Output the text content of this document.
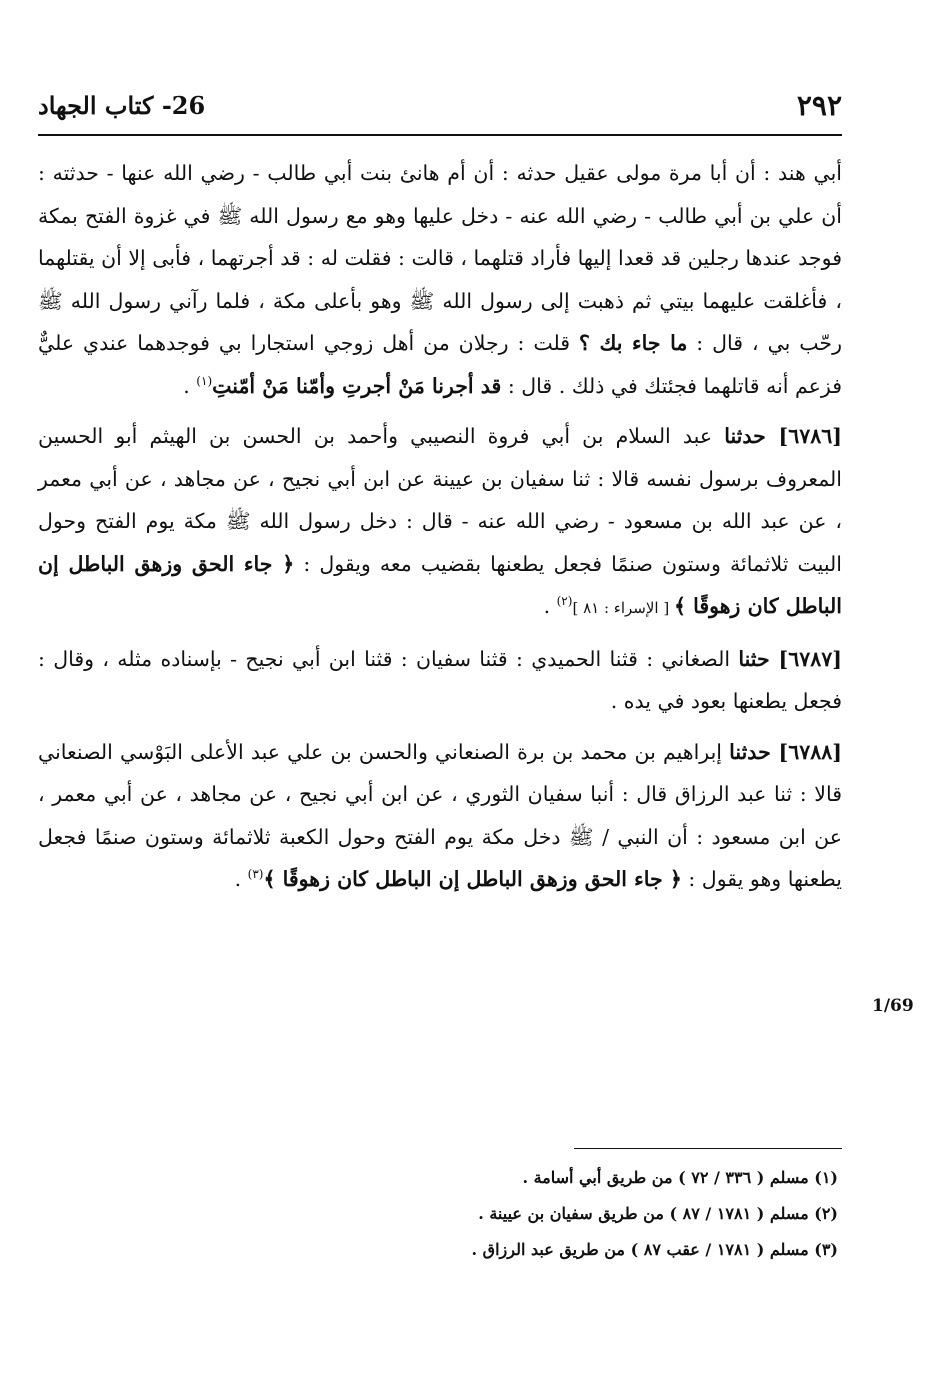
٢٩٢
26- كتاب الجهاد

أبي هند : أن أبا مرة مولى عقيل حدثه : أن أم هانئ بنت أبي طالب - رضي الله عنها - حدثته : أن علي بن أبي طالب - رضي الله عنه - دخل عليها وهو مع رسول الله ﷺ في غزوة الفتح بمكة فوجد عندها رجلين قد قعدا إليها فأراد قتلهما ، قالت : فقلت له : قد أجرتهما ، فأبى إلا أن يقتلهما ، فأغلقت عليهما بيتي ثم ذهبت إلى رسول الله ﷺ وهو بأعلى مكة ، فلما رآني رسول الله ﷺ رحّب بي ، قال : ما جاء بك ؟ قلت : رجلان من أهل زوجي استجارا بي فوجدهما عندي عليٌّ فزعم أنه قاتلهما فجئتك في ذلك . قال : قد أجرنا مَنْ أجرتِ وأمّنا مَنْ أمّنتِ$^{(١)}$ .

[٦٧٨٦] حدثنا عبد السلام بن أبي فروة النصيبي وأحمد بن الحسن بن الهيثم أبو الحسين المعروف برسول نفسه قالا : ثنا سفيان بن عيينة عن ابن أبي نجيح ، عن مجاهد ، عن أبي معمر ، عن عبد الله بن مسعود - رضي الله عنه - قال : دخل رسول الله ﷺ مكة يوم الفتح وحول البيت ثلاثمائة وستون صنمًا فجعل يطعنها بقضيب معه ويقول : ﴿ جاء الحق وزهق الباطل إن الباطل كان زهوقًا ﴾ [ الإسراء : ٨١ ]$^{(٢)}$ .

[٦٧٨٧] حثنا الصغاني : قثنا الحميدي : قثنا سفيان : قثنا ابن أبي نجيح - بإسناده مثله ، وقال : فجعل يطعنها بعود في يده .

[٦٧٨٨] حدثنا إبراهيم بن محمد بن برة الصنعاني والحسن بن علي عبد الأعلى البَوْسي الصنعاني قالا : ثنا عبد الرزاق قال : أنبا سفيان الثوري ، عن ابن أبي نجيح ، عن مجاهد ، عن أبي معمر ، عن ابن مسعود : أن النبي / ﷺ دخل مكة يوم الفتح وحول الكعبة ثلاثمائة وستون صنمًا فجعل يطعنها وهو يقول : ﴿ جاء الحق وزهق الباطل إن الباطل كان زهوقًا ﴾$^{(٣)}$ .

1/69

(١) مسلم ( ٣٣٦ / ٧٢ ) من طريق أبي أسامة .

(٢) مسلم ( ١٧٨١ / ٨٧ ) من طريق سفيان بن عيينة .

(٣) مسلم ( ١٧٨١ / عقب ٨٧ ) من طريق عبد الرزاق .
